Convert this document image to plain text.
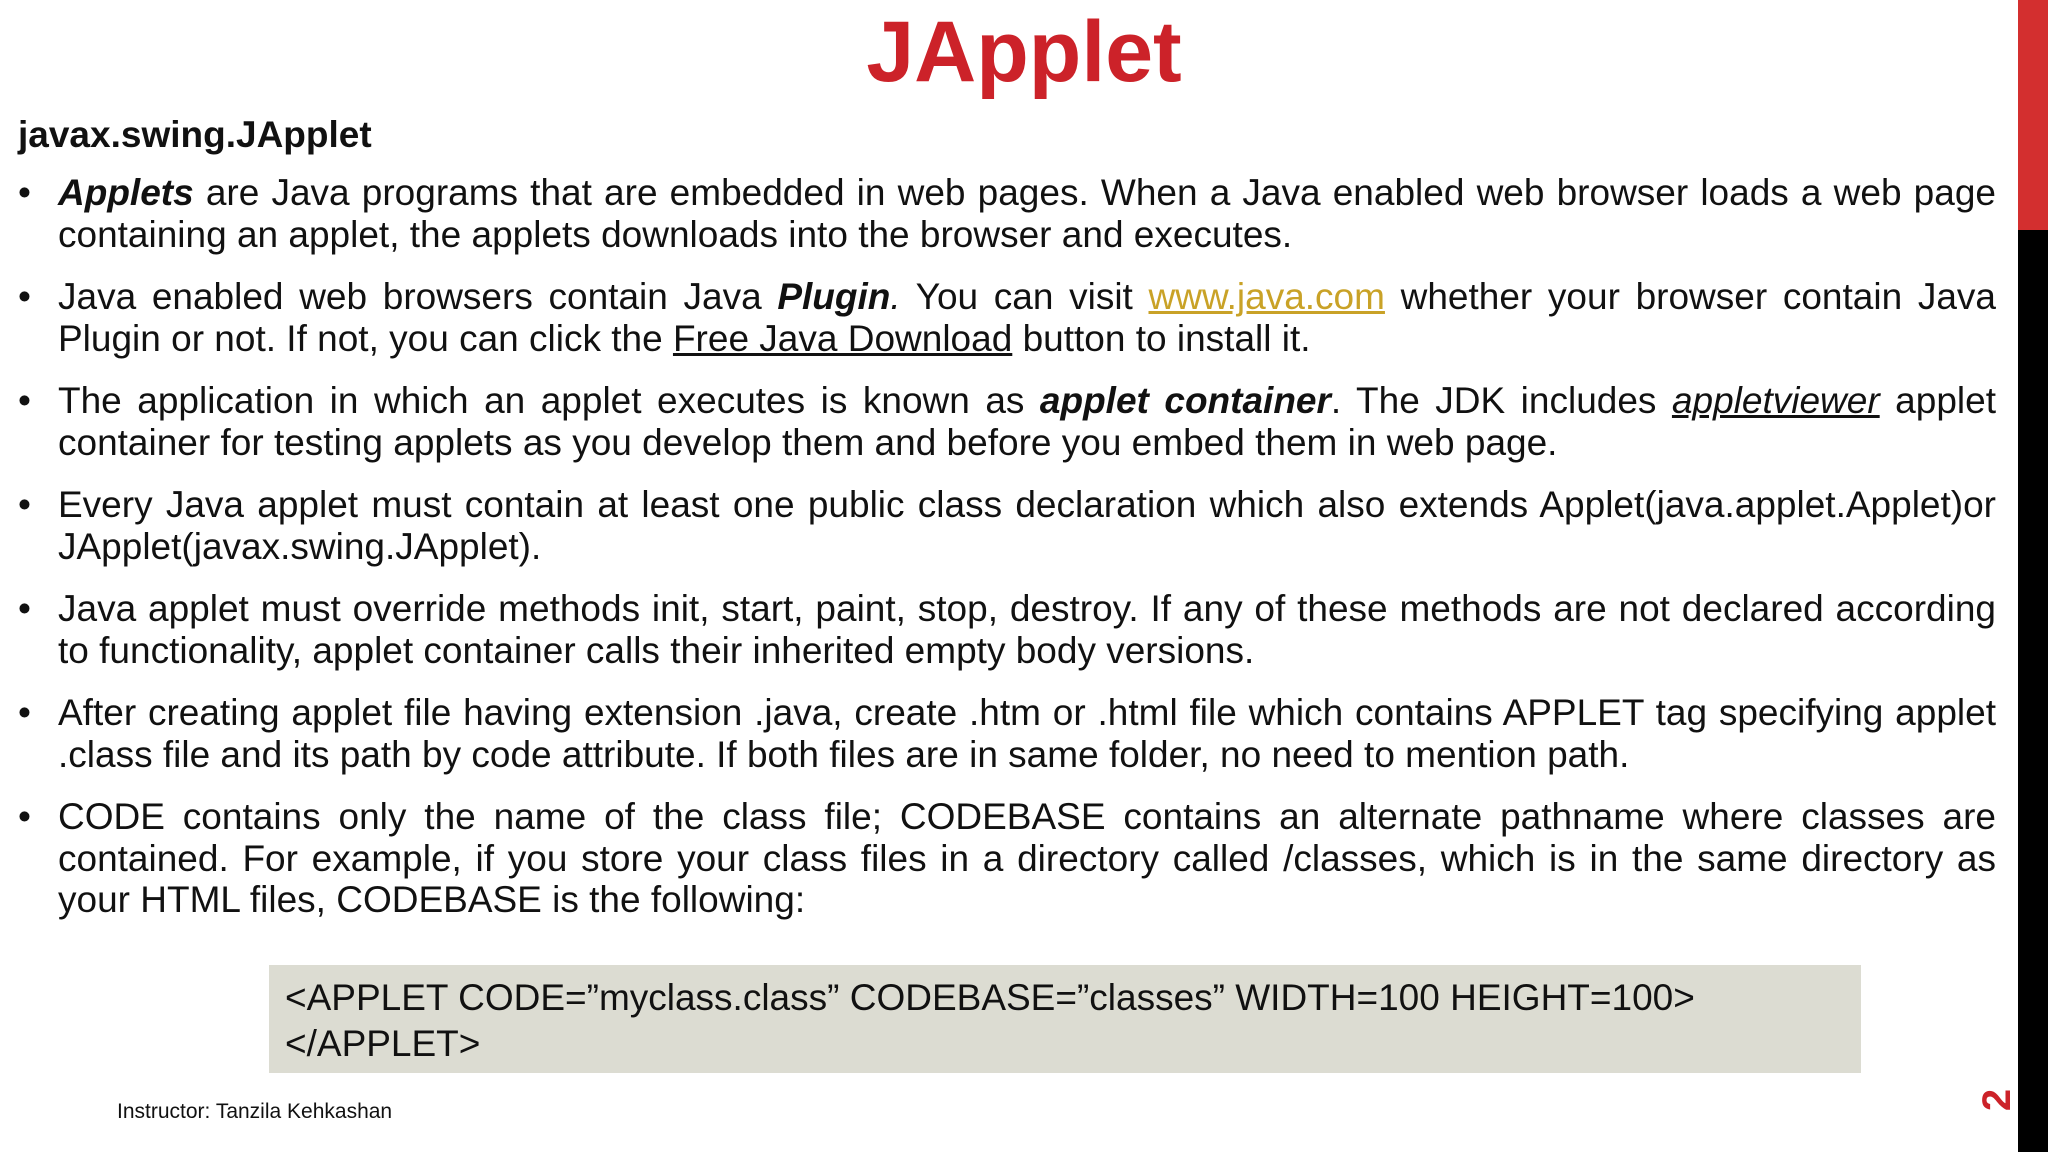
JApplet

javax.swing.JApplet

• Applets are Java programs that are embedded in web pages. When a Java enabled web browser loads a web page containing an applet, the applets downloads into the browser and executes.
• Java enabled web browsers contain Java Plugin. You can visit www.java.com whether your browser contain Java Plugin or not. If not, you can click the Free Java Download button to install it.
• The application in which an applet executes is known as applet container. The JDK includes appletviewer applet container for testing applets as you develop them and before you embed them in web page.
• Every Java applet must contain at least one public class declaration which also extends Applet(java.applet.Applet)or JApplet(javax.swing.JApplet).
• Java applet must override methods init, start, paint, stop, destroy. If any of these methods are not declared according to functionality, applet container calls their inherited empty body versions.
• After creating applet file having extension .java, create .htm or .html file which contains APPLET tag specifying applet .class file and its path by code attribute. If both files are in same folder, no need to mention path.
• CODE contains only the name of the class file; CODEBASE contains an alternate pathname where classes are contained. For example, if you store your class files in a directory called /classes, which is in the same directory as your HTML files, CODEBASE is the following:
<APPLET CODE=”myclass.class” CODEBASE=”classes” WIDTH=100 HEIGHT=100>
</APPLET>
Instructor: Tanzila Kehkashan	2
